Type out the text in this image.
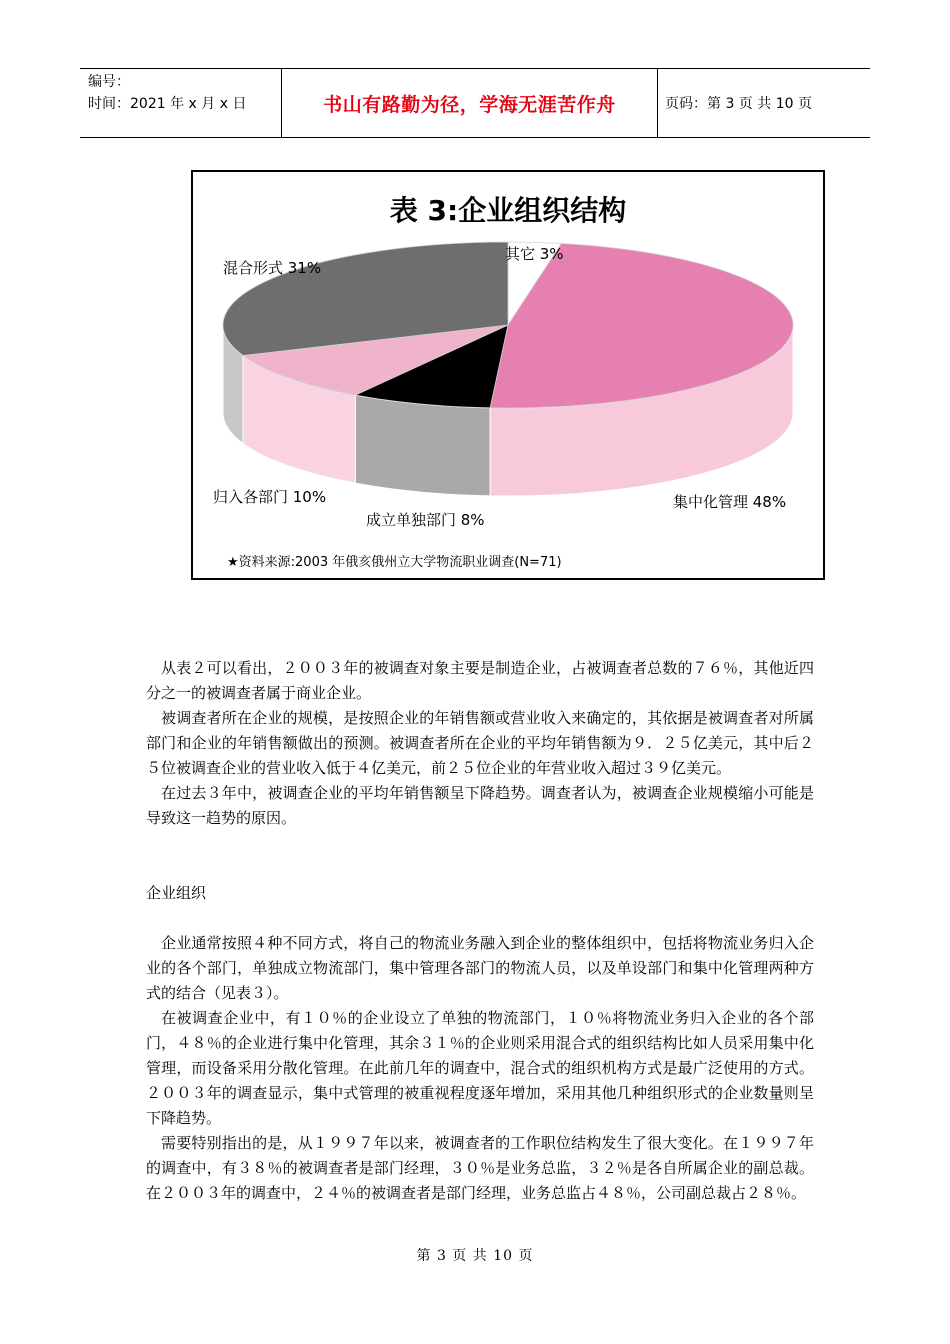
编号：
时间：2021 年 x 月 x 日	书山有路勤为径，学海无涯苦作舟	页码：第 3 页 共 10 页
表 3:企业组织结构
其它 3%
集中化管理 48%
成立单独部门 8%
归入各部门 10%
混合形式 31%
★资料来源:2003 年俄亥俄州立大学物流职业调查(N=71)

从表２可以看出，２００３年的被调查对象主要是制造企业，占被调查者总数的７６％，其他近四分之一的被调查者属于商业企业。

被调查者所在企业的规模，是按照企业的年销售额或营业收入来确定的，其依据是被调查者对所属部门和企业的年销售额做出的预测。被调查者所在企业的平均年销售额为９．２５亿美元，其中后２５位被调查企业的营业收入低于４亿美元，前２５位企业的年营业收入超过３９亿美元。

在过去３年中，被调查企业的平均年销售额呈下降趋势。调查者认为，被调查企业规模缩小可能是导致这一趋势的原因。

企业组织

企业通常按照４种不同方式，将自己的物流业务融入到企业的整体组织中，包括将物流业务归入企业的各个部门，单独成立物流部门，集中管理各部门的物流人员，以及单设部门和集中化管理两种方式的结合（见表３）。

在被调查企业中，有１０％的企业设立了单独的物流部门，１０％将物流业务归入企业的各个部门，４８％的企业进行集中化管理，其余３１％的企业则采用混合式的组织结构比如人员采用集中化管理，而设备采用分散化管理。在此前几年的调查中，混合式的组织机构方式是最广泛使用的方式。２００３年的调查显示，集中式管理的被重视程度逐年增加，采用其他几种组织形式的企业数量则呈下降趋势。

需要特别指出的是，从１９９７年以来，被调查者的工作职位结构发生了很大变化。在１９９７年的调查中，有３８％的被调查者是部门经理，３０％是业务总监，３２％是各自所属企业的副总裁。在２００３年的调查中，２４％的被调查者是部门经理，业务总监占４８％，公司副总裁占２８％。

第 3 页 共 10 页
